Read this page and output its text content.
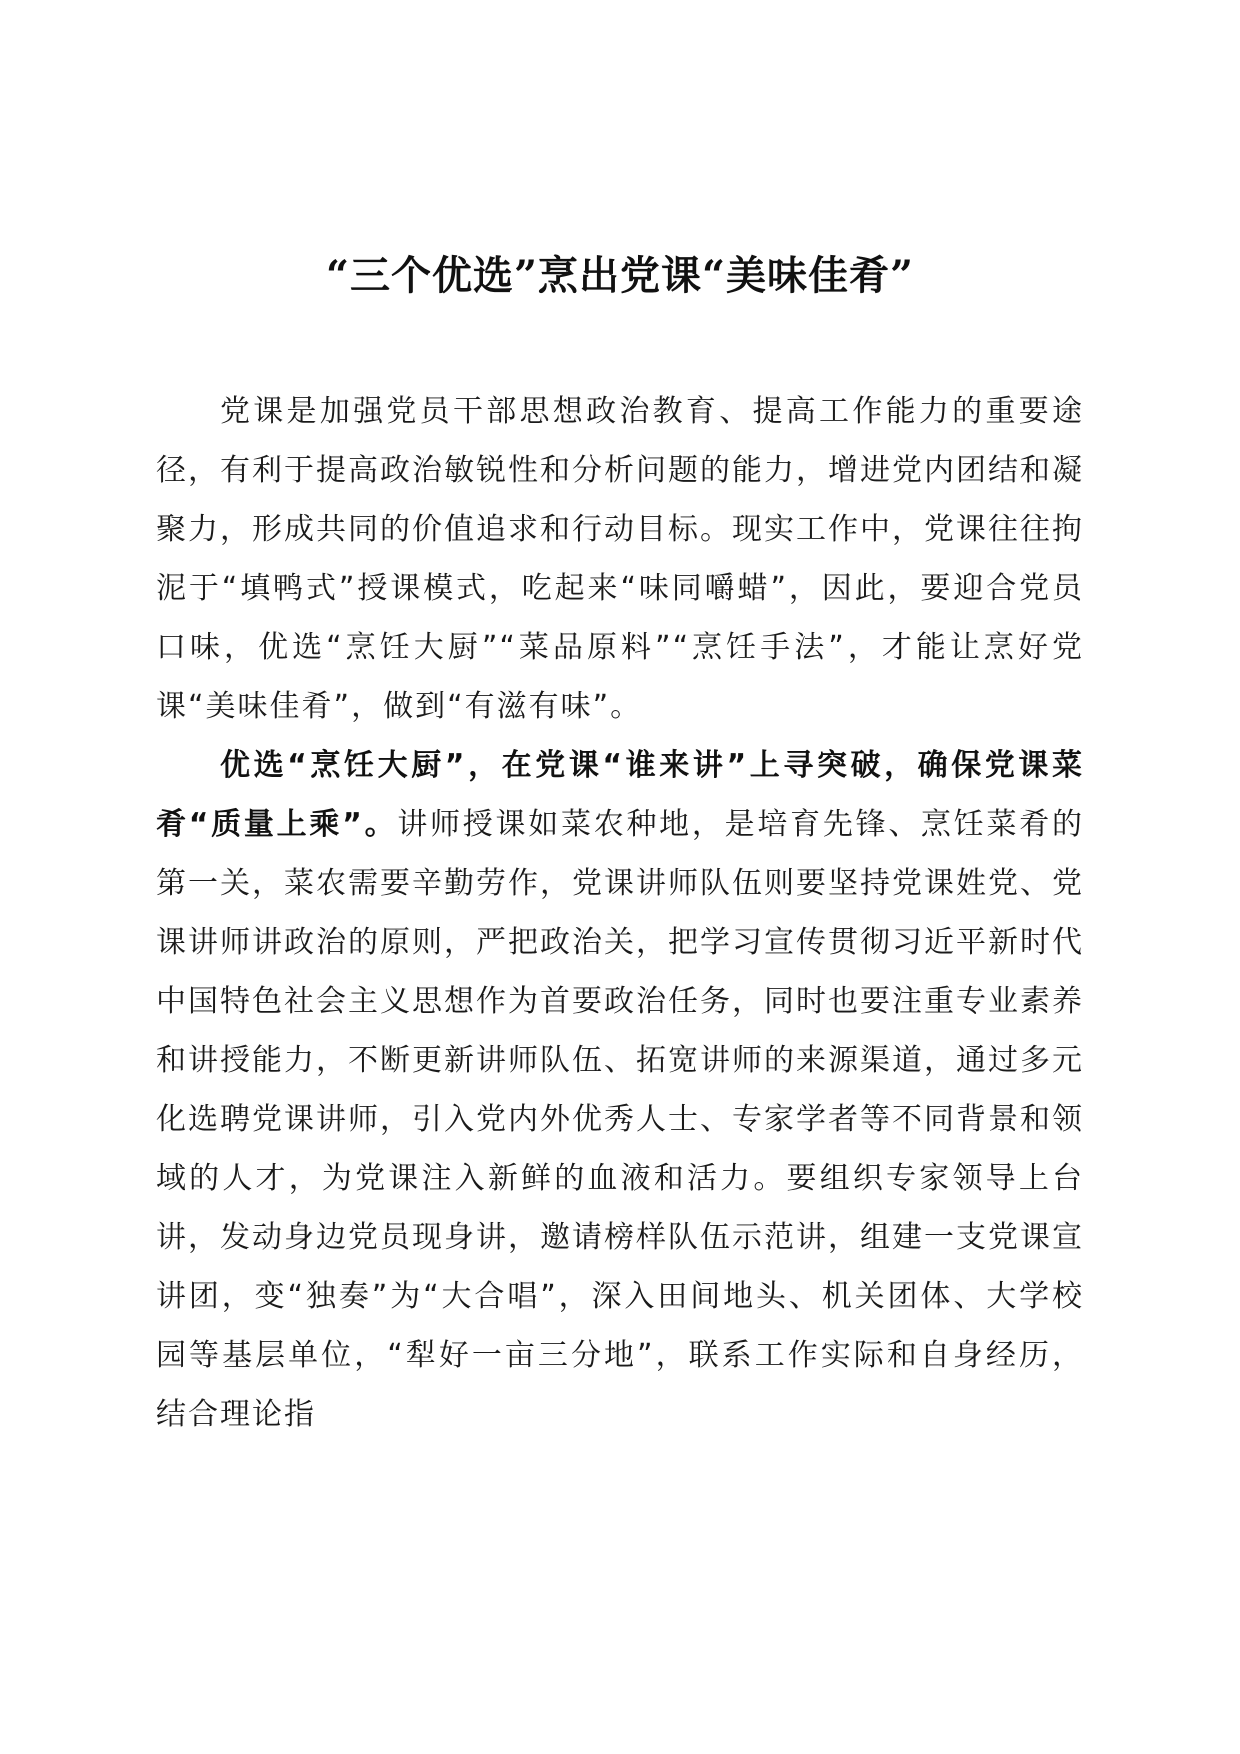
“三个优选”烹出党课“美味佳肴”

党课是加强党员干部思想政治教育、提高工作能力的重要途径，有利于提高政治敏锐性和分析问题的能力，增进党内团结和凝聚力，形成共同的价值追求和行动目标。现实工作中，党课往往拘泥于“填鸭式”授课模式，吃起来“味同嚼蜡”，因此，要迎合党员口味，优选“烹饪大厨”“菜品原料”“烹饪手法”，才能让烹好党课“美味佳肴”，做到“有滋有味”。

优选“烹饪大厨”，在党课“谁来讲”上寻突破，确保党课菜肴“质量上乘”。讲师授课如菜农种地，是培育先锋、烹饪菜肴的第一关，菜农需要辛勤劳作，党课讲师队伍则要坚持党课姓党、党课讲师讲政治的原则，严把政治关，把学习宣传贯彻习近平新时代中国特色社会主义思想作为首要政治任务，同时也要注重专业素养和讲授能力，不断更新讲师队伍、拓宽讲师的来源渠道，通过多元化选聘党课讲师，引入党内外优秀人士、专家学者等不同背景和领域的人才，为党课注入新鲜的血液和活力。要组织专家领导上台讲，发动身边党员现身讲，邀请榜样队伍示范讲，组建一支党课宣讲团，变“独奏”为“大合唱”，深入田间地头、机关团体、大学校园等基层单位，“犁好一亩三分地”，联系工作实际和自身经历，结合理论指
